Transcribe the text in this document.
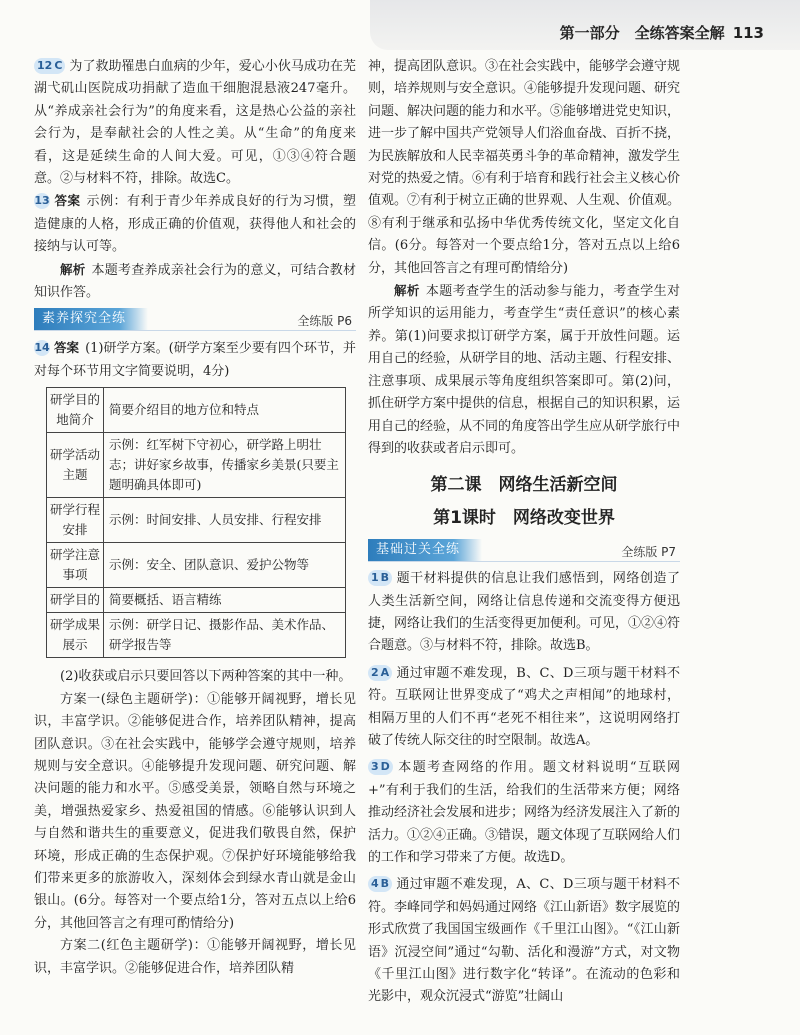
第一部分　全练答案全解 113

12 C 为了救助罹患白血病的少年，爱心小伙马成功在芜湖弋矶山医院成功捐献了造血干细胞混悬液247毫升。从“养成亲社会行为”的角度来看，这是热心公益的亲社会行为，是奉献社会的人性之美。从“生命”的角度来看，这是延续生命的人间大爱。可见，①③④符合题意。②与材料不符，排除。故选C。

13 答案 示例：有利于青少年养成良好的行为习惯，塑造健康的人格，形成正确的价值观，获得他人和社会的接纳与认可等。

解析 本题考查养成亲社会行为的意义，可结合教材知识作答。

素养探究全练	全练版 P6

14 答案 (1)研学方案。(研学方案至少要有四个环节，并对每个环节用文字简要说明，4分)

研学目的地简介	简要介绍目的地方位和特点
研学活动主题	示例：红军树下守初心，研学路上明壮志；讲好家乡故事，传播家乡美景(只要主题明确具体即可)
研学行程安排	示例：时间安排、人员安排、行程安排
研学注意事项	示例：安全、团队意识、爱护公物等
研学目的	简要概括、语言精练
研学成果展示	示例：研学日记、摄影作品、美术作品、研学报告等

(2)收获或启示只要回答以下两种答案的其中一种。

方案一(绿色主题研学)：①能够开阔视野，增长见识，丰富学识。②能够促进合作，培养团队精神，提高团队意识。③在社会实践中，能够学会遵守规则，培养规则与安全意识。④能够提升发现问题、研究问题、解决问题的能力和水平。⑤感受美景，领略自然与环境之美，增强热爱家乡、热爱祖国的情感。⑥能够认识到人与自然和谐共生的重要意义，促进我们敬畏自然，保护环境，形成正确的生态保护观。⑦保护好环境能够给我们带来更多的旅游收入，深刻体会到绿水青山就是金山银山。(6分。每答对一个要点给1分，答对五点以上给6分，其他回答言之有理可酌情给分)

方案二(红色主题研学)：①能够开阔视野，增长见识，丰富学识。②能够促进合作，培养团队精

神，提高团队意识。③在社会实践中，能够学会遵守规则，培养规则与安全意识。④能够提升发现问题、研究问题、解决问题的能力和水平。⑤能够增进党史知识，进一步了解中国共产党领导人们浴血奋战、百折不挠，为民族解放和人民幸福英勇斗争的革命精神，激发学生对党的热爱之情。⑥有利于培育和践行社会主义核心价值观。⑦有利于树立正确的世界观、人生观、价值观。⑧有利于继承和弘扬中华优秀传统文化，坚定文化自信。(6分。每答对一个要点给1分，答对五点以上给6分，其他回答言之有理可酌情给分)

解析 本题考查学生的活动参与能力，考查学生对所学知识的运用能力，考查学生“责任意识”的核心素养。第(1)问要求拟订研学方案，属于开放性问题。运用自己的经验，从研学目的地、活动主题、行程安排、注意事项、成果展示等角度组织答案即可。第(2)问，抓住研学方案中提供的信息，根据自己的知识积累，运用自己的经验，从不同的角度答出学生应从研学旅行中得到的收获或者启示即可。

第二课　网络生活新空间
第1课时　网络改变世界
基础过关全练	全练版 P7

1 B 题干材料提供的信息让我们感悟到，网络创造了人类生活新空间，网络让信息传递和交流变得方便迅捷，网络让我们的生活变得更加便利。可见，①②④符合题意。③与材料不符，排除。故选B。

2 A 通过审题不难发现，B、C、D三项与题干材料不符。互联网让世界变成了“鸡犬之声相闻”的地球村，相隔万里的人们不再“老死不相往来”，这说明网络打破了传统人际交往的时空限制。故选A。

3 D 本题考查网络的作用。题文材料说明“互联网+”有利于我们的生活，给我们的生活带来方便；网络推动经济社会发展和进步；网络为经济发展注入了新的活力。①②④正确。③错误，题文体现了互联网给人们的工作和学习带来了方便。故选D。

4 B 通过审题不难发现，A、C、D三项与题干材料不符。李峰同学和妈妈通过网络《江山新语》数字展览的形式欣赏了我国国宝级画作《千里江山图》。“《江山新语》沉浸空间”通过“勾勒、活化和漫游”方式，对文物《千里江山图》进行数字化“转译”。在流动的色彩和光影中，观众沉浸式“游览”壮阔山
